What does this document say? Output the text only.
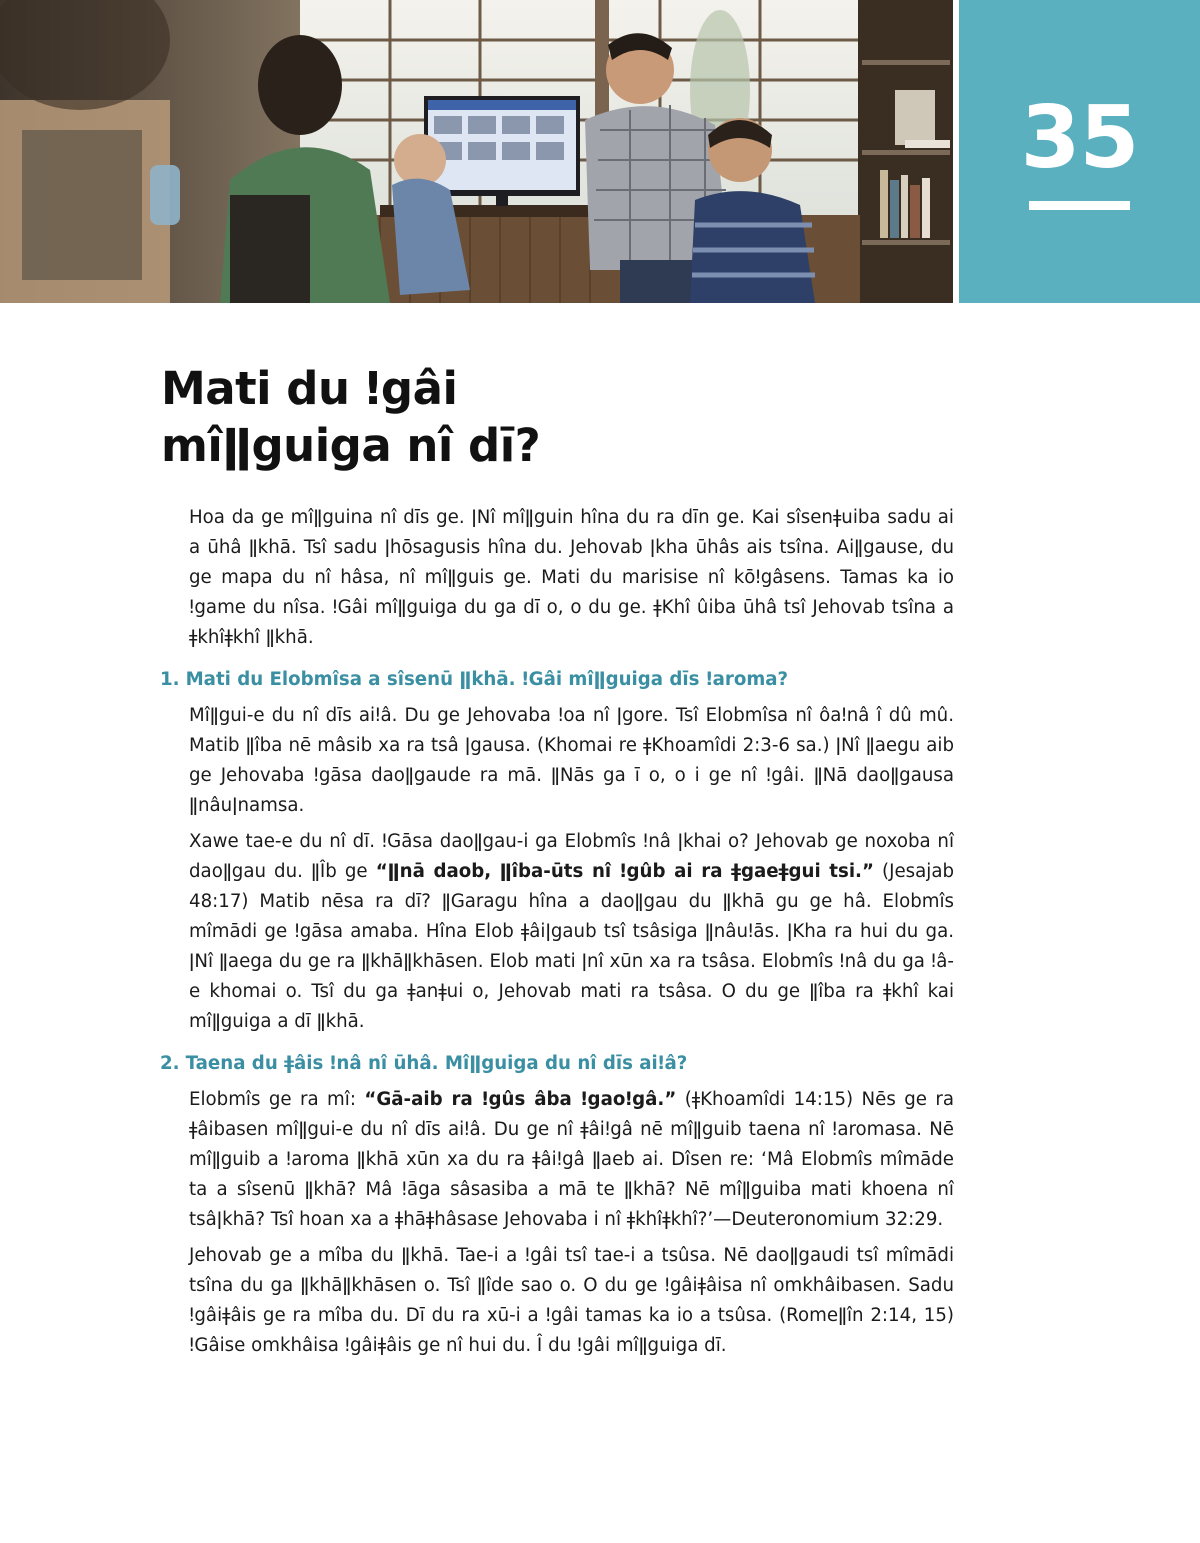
35
Mati du ǃgâi
mîǁguiga nî dī?

Hoa da ge mîǁguina nî dīs ge. ǀNî mîǁguin hîna du ra dīn ge. Kai sîsenǂuiba sadu ai a ūhâ ǁkhā. Tsî sadu ǀhōsagusis hîna du. Jehovab ǀkha ūhâs ais tsîna. Aiǁgause, du ge mapa du nî hâsa, nî mîǁguis ge. Mati du marisise nî kōǃgâsens. Tamas ka io ǃgame du nîsa. ǃGâi mîǁguiga du ga dī o, o du ge. ǂKhî ûiba ūhâ tsî Jehovab tsîna a ǂkhîǂkhî ǁkhā.

1. Mati du Elobmîsa a sîsenū ǁkhā. ǃGâi mîǁguiga dīs ǃaroma?

Mîǁgui-e du nî dīs aiǃâ. Du ge Jehovaba ǃoa nî ǀgore. Tsî Elobmîsa nî ôaǃnâ î dû mû. Matib ǁîba nē mâsib xa ra tsâ ǀgausa. (Khomai re ǂKhoamîdi 2:3-6 sa.) ǀNî ǁaegu aib ge Jehovaba ǃgāsa daoǁgaude ra mā. ǁNās ga ī o, o i ge nî ǃgâi. ǁNā daoǁgausa ǁnâuǀnamsa.

Xawe tae-e du nî dī. ǃGāsa daoǁgau-i ga Elobmîs ǃnâ ǀkhai o? Jehovab ge noxoba nî daoǁgau du. ǁÎb ge “ǁnā daob, ǁîba-ūts nî ǃgûb ai ra ǂgaeǂgui tsi.” (Jesajab 48:17) Matib nēsa ra dī? ǁGaragu hîna a daoǁgau du ǁkhā gu ge hâ. Elobmîs mîmādi ge ǃgāsa amaba. Hîna Elob ǂâiǀgaub tsî tsâsiga ǁnâuǃās. ǀKha ra hui du ga. ǀNî ǁaega du ge ra ǁkhāǁkhāsen. Elob mati ǀnî xūn xa ra tsâsa. Elobmîs ǃnâ du ga ǃâ-e khomai o. Tsî du ga ǂanǂui o, Jehovab mati ra tsâsa. O du ge ǁîba ra ǂkhî kai mîǁguiga a dī ǁkhā.

2. Taena du ǂâis ǃnâ nî ūhâ. Mîǁguiga du nî dīs aiǃâ?

Elobmîs ge ra mî: “Gā-aib ra ǃgûs âba ǃgaoǃgâ.” (ǂKhoamîdi 14:15) Nēs ge ra ǂâibasen mîǁgui-e du nî dīs aiǃâ. Du ge nî ǂâiǃgâ nē mîǁguib taena nî ǃaromasa. Nē mîǁguib a ǃaroma ǁkhā xūn xa du ra ǂâiǃgâ ǁaeb ai. Dîsen re: ‘Mâ Elobmîs mîmāde ta a sîsenū ǁkhā? Mâ ǃāga sâsasiba a mā te ǁkhā? Nē mîǁguiba mati khoena nî tsâǀkhā? Tsî hoan xa a ǂhāǂhâsase Jehovaba i nî ǂkhîǂkhî?’—Deuteronomium 32:29.

Jehovab ge a mîba du ǁkhā. Tae-i a ǃgâi tsî tae-i a tsûsa. Nē daoǁgaudi tsî mîmādi tsîna du ga ǁkhāǁkhāsen o. Tsî ǁîde sao o. O du ge ǃgâiǂâisa nî omkhâibasen. Sadu ǃgâiǂâis ge ra mîba du. Dī du ra xū-i a ǃgâi tamas ka io a tsûsa. (Romeǁîn 2:14, 15) ǃGâise omkhâisa ǃgâiǂâis ge nî hui du. Î du ǃgâi mîǁguiga dī.
